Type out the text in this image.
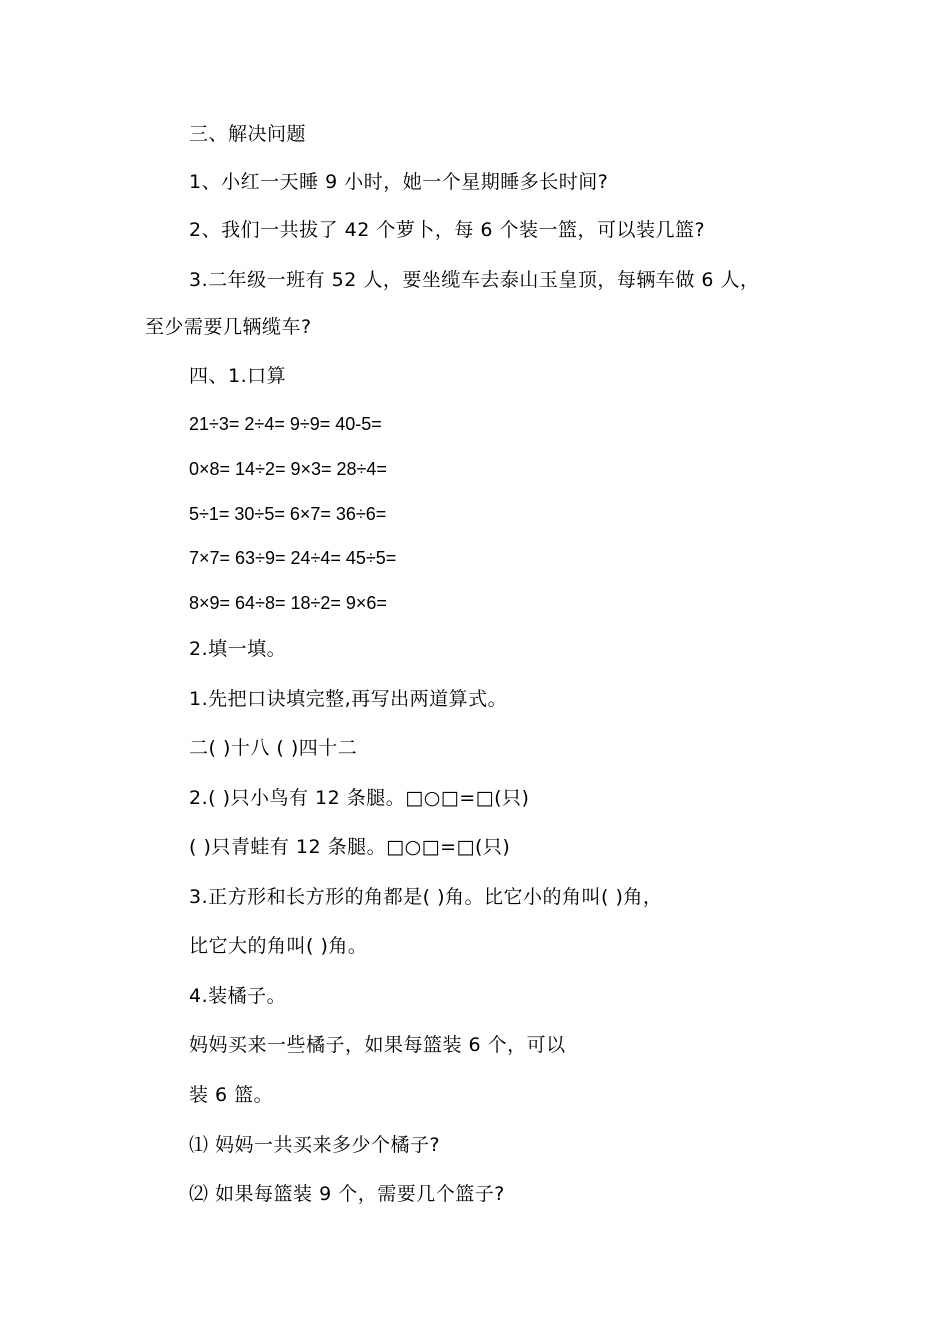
三、解决问题
1、小红一天睡 9 小时，她一个星期睡多长时间?
2、我们一共拔了 42 个萝卜，每 6 个装一篮，可以装几篮?
3.二年级一班有 52 人，要坐缆车去泰山玉皇顶，每辆车做 6 人，
至少需要几辆缆车?
四、1.口算
21÷3= 2÷4= 9÷9= 40-5=
0×8= 14÷2= 9×3= 28÷4=
5÷1= 30÷5= 6×7= 36÷6=
7×7= 63÷9= 24÷4= 45÷5=
8×9= 64÷8= 18÷2= 9×6=
2.填一填。
1.先把口诀填完整,再写出两道算式。
二( )十八 ( )四十二
2.( )只小鸟有 12 条腿。□○□=□(只)
( )只青蛙有 12 条腿。□○□=□(只)
3.正方形和长方形的角都是( )角。比它小的角叫( )角，
比它大的角叫( )角。
4.装橘子。
妈妈买来一些橘子，如果每篮装 6 个，可以
装 6 篮。
⑴ 妈妈一共买来多少个橘子?
⑵ 如果每篮装 9 个，需要几个篮子?
